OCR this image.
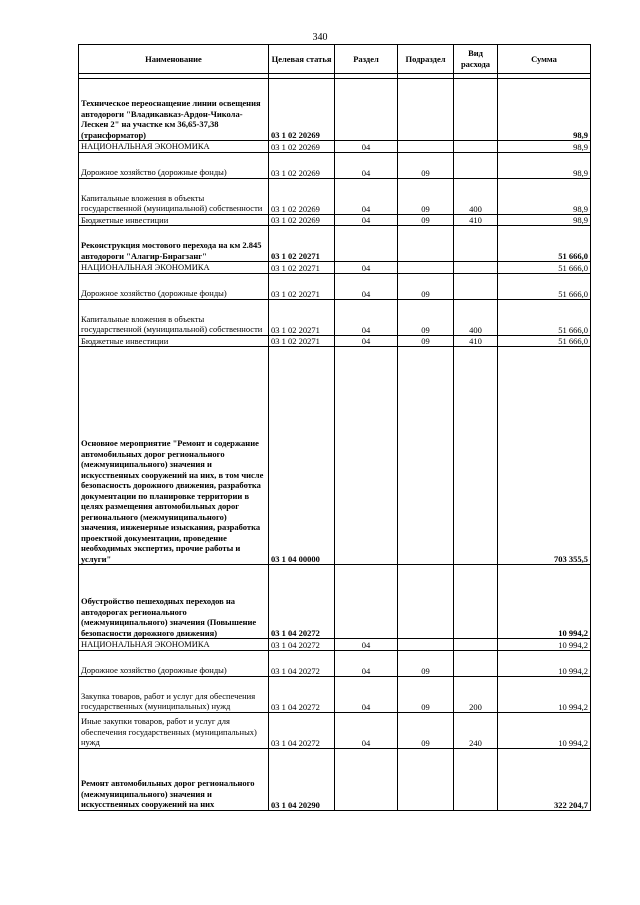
340
Наименование	Целевая статья	Раздел	Подраздел	Вид расхода	Сумма

Техническое переоснащение линии освещения автодороги "Владикавказ-Ардон-Чикола-Лескен 2" на участке км 36,65-37,38 (трансформатор)	03 1 02 20269				98,9
НАЦИОНАЛЬНАЯ ЭКОНОМИКА	03 1 02 20269	04			98,9
Дорожное хозяйство (дорожные фонды)	03 1 02 20269	04	09		98,9
Капитальные вложения в объекты государственной (муниципальной) собственности	03 1 02 20269	04	09	400	98,9
Бюджетные инвестиции	03 1 02 20269	04	09	410	98,9
Реконструкция мостового перехода на км 2.845 автодороги "Алагир-Бирагзанг"	03 1 02 20271				51 666,0
НАЦИОНАЛЬНАЯ ЭКОНОМИКА	03 1 02 20271	04			51 666,0
Дорожное хозяйство (дорожные фонды)	03 1 02 20271	04	09		51 666,0
Капитальные вложения в объекты государственной (муниципальной) собственности	03 1 02 20271	04	09	400	51 666,0
Бюджетные инвестиции	03 1 02 20271	04	09	410	51 666,0
Основное мероприятие "Ремонт и содержание автомобильных дорог регионального (межмуниципального) значения и искусственных сооружений на них, в том числе безопасность дорожного движения, разработка документации по планировке территории в целях размещения автомобильных дорог регионального (межмуниципального) значения, инженерные изыскания, разработка проектной документации, проведение необходимых экспертиз, прочие работы и услуги"	03 1 04 00000				703 355,5
Обустройство пешеходных переходов на автодорогах регионального (межмуниципального) значения (Повышение безопасности дорожного движения)	03 1 04 20272				10 994,2
НАЦИОНАЛЬНАЯ ЭКОНОМИКА	03 1 04 20272	04			10 994,2
Дорожное хозяйство (дорожные фонды)	03 1 04 20272	04	09		10 994,2
Закупка товаров, работ и услуг для обеспечения государственных (муниципальных) нужд	03 1 04 20272	04	09	200	10 994,2
Иные закупки товаров, работ и услуг для обеспечения государственных (муниципальных) нужд	03 1 04 20272	04	09	240	10 994,2
Ремонт автомобильных дорог регионального (межмуниципального) значения и искусственных сооружений на них	03 1 04 20290				322 204,7
